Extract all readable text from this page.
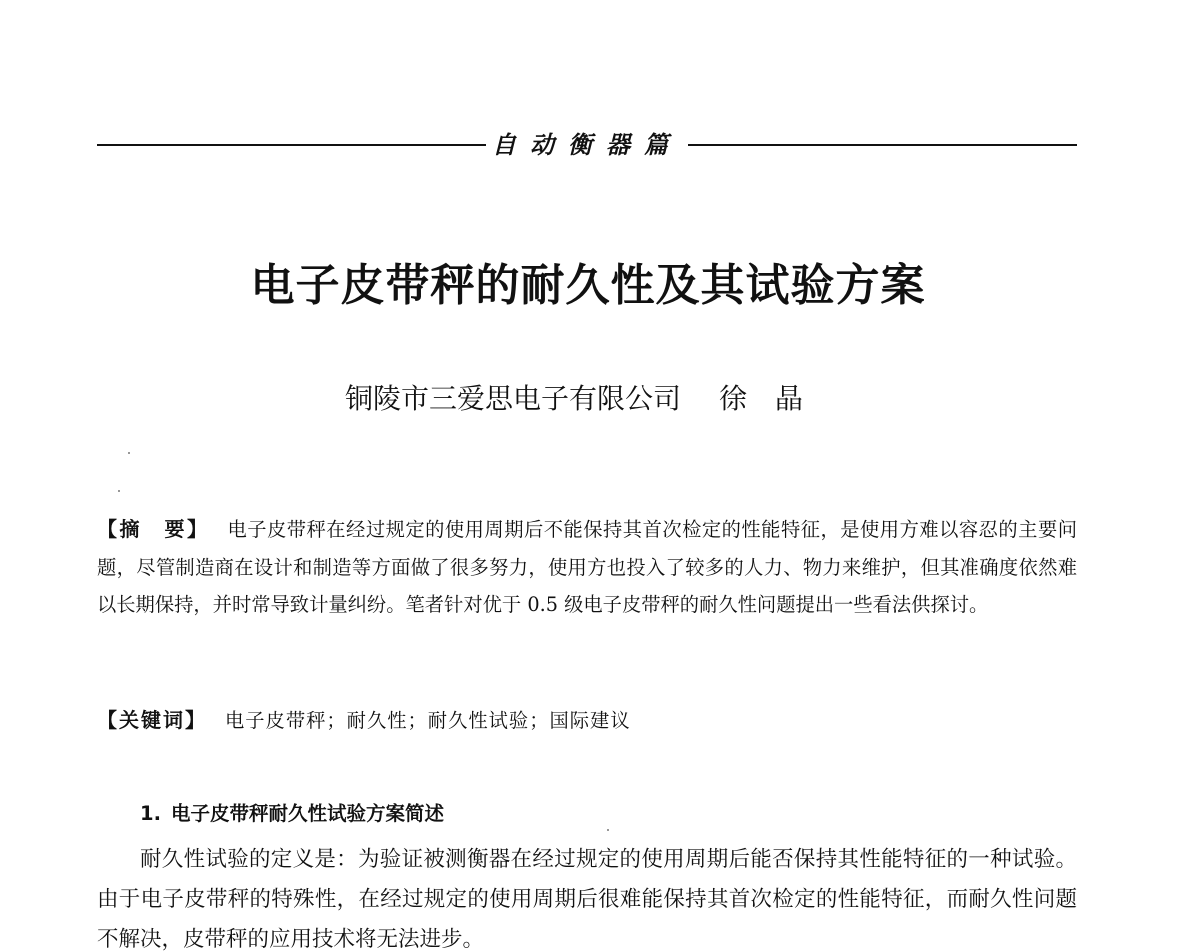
自动衡器篇
电子皮带秤的耐久性及其试验方案
铜陵市三爱思电子有限公司 徐晶
【摘　要】 电子皮带秤在经过规定的使用周期后不能保持其首次检定的性能特征，是使用方难以容忍的主要问题，尽管制造商在设计和制造等方面做了很多努力，使用方也投入了较多的人力、物力来维护，但其准确度依然难以长期保持，并时常导致计量纠纷。笔者针对优于 0.5 级电子皮带秤的耐久性问题提出一些看法供探讨。
【关键词】 电子皮带秤；耐久性；耐久性试验；国际建议
1. 电子皮带秤耐久性试验方案简述
耐久性试验的定义是：为验证被测衡器在经过规定的使用周期后能否保持其性能特征的一种试验。由于电子皮带秤的特殊性，在经过规定的使用周期后很难能保持其首次检定的性能特征，而耐久性问题不解决，皮带秤的应用技术将无法进步。
